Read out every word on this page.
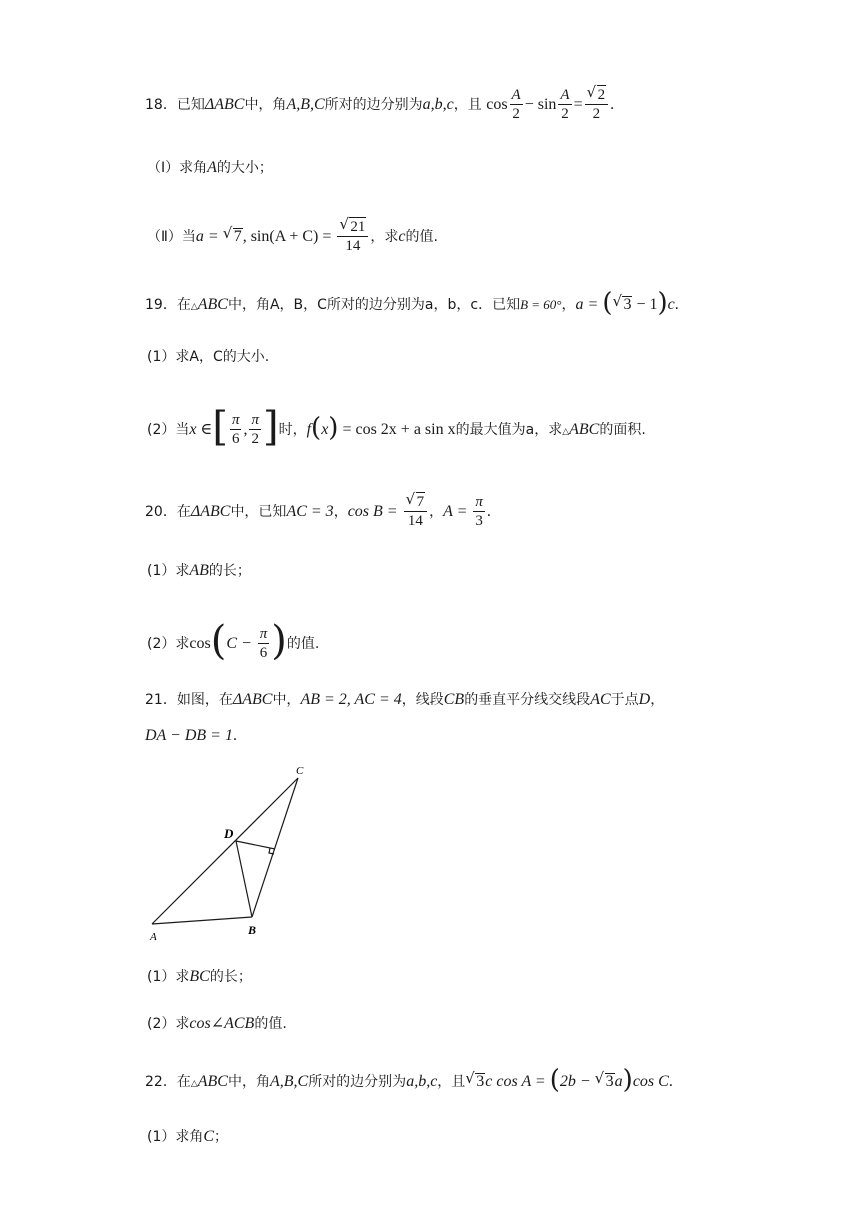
18．已知ΔABC中，角A,B,C所对的边分别为a,b,c，且 $\cos \frac{A}{2} - \sin \frac{A}{2}$ = √ $\frac{2}{2}$ .
（Ⅰ）求角A的大小；
（Ⅱ）当a = √ 7, sin(A + C) = √ $\frac{21}{14}$ ，求c的值.
19．在△ABC中，角A，B，C所对的边分别为a，b，c．已知B = 60°，a = ( √ 3 − 1)c.
(1）求A，C的大小.
(2）当x ∈[ $\frac{\pi}{6}$ , $\frac{\pi}{2}$ ]时，f(x) = cos 2x + a sin x的最大值为a，求△ABC的面积.
20．在ΔABC中，已知AC = 3，cos B = √ $\frac{7}{14}$ ，$A = \frac{\pi}{3}$ .
(1）求AB的长；
(2）求$\cos(C - \frac{\pi}{6}$ )的值.
21．如图，在ΔABC中，AB = 2, AC = 4，线段CB的垂直平分线交线段AC于点D，
DA − DB = 1.
C
D
A	B
(1）求BC的长；
(2）求cos∠ACB的值.
22．在△ABC中，角A,B,C所对的边分别为a,b,c，且 √ 3c cos A = (2b − √ 3a)cos C.
(1）求角C；
